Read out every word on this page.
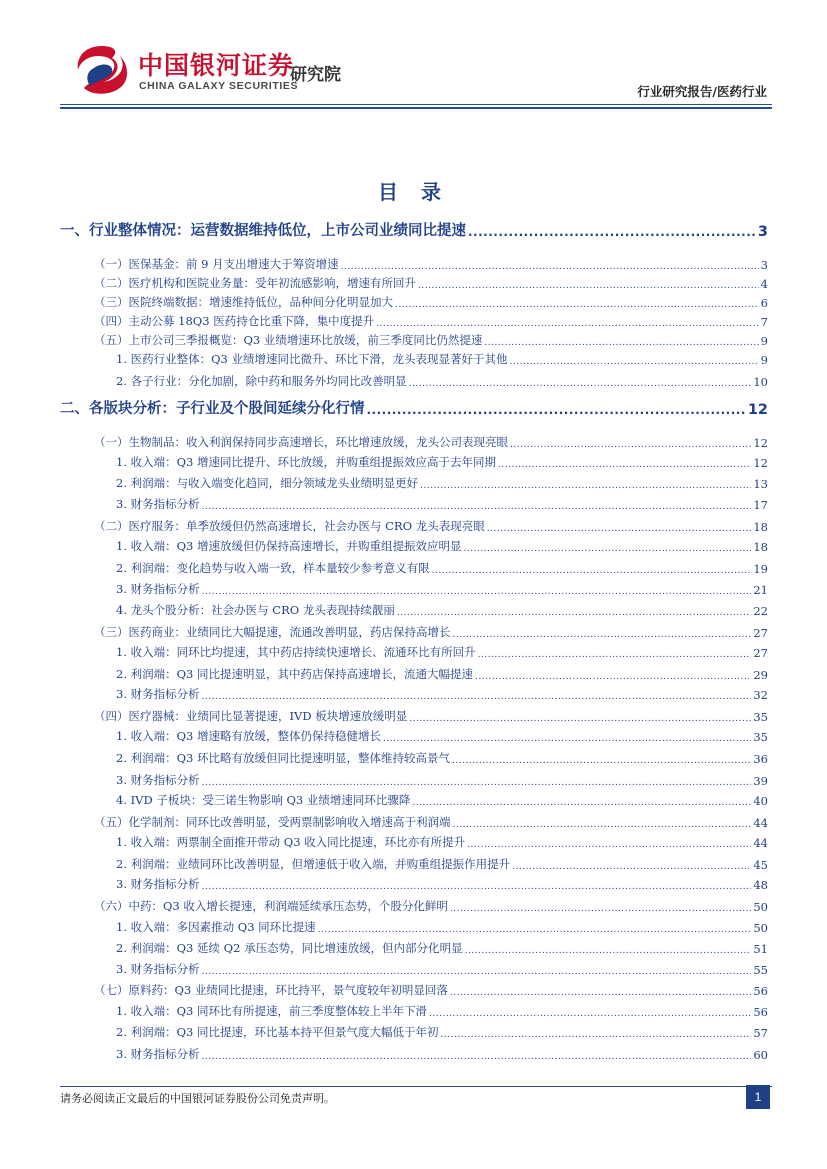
中国银河证券
CHINA GALAXY SECURITIES
研究院
行业研究报告/医药行业
目 录
一、行业整体情况：运营数据维持低位，上市公司业绩同比提速 .....	3
（一）医保基金：前 9 月支出增速大于筹资增速 .....	3
（二）医疗机构和医院业务量：受年初流感影响，增速有所回升 .....	4
（三）医院终端数据：增速维持低位，品种间分化明显加大 .....	6
（四）主动公募 18Q3 医药持仓比重下降，集中度提升 .....	7
（五）上市公司三季报概览：Q3 业绩增速环比放缓，前三季度同比仍然提速 .....	9
1. 医药行业整体：Q3 业绩增速同比微升、环比下滑，龙头表现显著好于其他 .....	9
2. 各子行业：分化加剧，除中药和服务外均同比改善明显 .....	10
二、各版块分析：子行业及个股间延续分化行情 .....	12
（一）生物制品：收入利润保持同步高速增长，环比增速放缓，龙头公司表现亮眼 .....	12
1. 收入端：Q3 增速同比提升、环比放缓，并购重组提振效应高于去年同期 .....	12
2. 利润端：与收入端变化趋同，细分领域龙头业绩明显更好 .....	13
3. 财务指标分析 .....	17
（二）医疗服务：单季放缓但仍然高速增长，社会办医与 CRO 龙头表现亮眼 .....	18
1. 收入端：Q3 增速放缓但仍保持高速增长，并购重组提振效应明显 .....	18
2. 利润端：变化趋势与收入端一致，样本量较少参考意义有限 .....	19
3. 财务指标分析 .....	21
4. 龙头个股分析：社会办医与 CRO 龙头表现持续靓丽 .....	22
（三）医药商业：业绩同比大幅提速，流通改善明显，药店保持高增长 .....	27
1. 收入端：同环比均提速，其中药店持续快速增长、流通环比有所回升 .....	27
2. 利润端：Q3 同比提速明显，其中药店保持高速增长，流通大幅提速 .....	29
3. 财务指标分析 .....	32
（四）医疗器械：业绩同比显著提速，IVD 板块增速放缓明显 .....	35
1. 收入端：Q3 增速略有放缓，整体仍保持稳健增长 .....	35
2. 利润端：Q3 环比略有放缓但同比提速明显，整体维持较高景气 .....	36
3. 财务指标分析 .....	39
4. IVD 子板块：受三诺生物影响 Q3 业绩增速同环比骤降 .....	40
（五）化学制剂：同环比改善明显，受两票制影响收入增速高于利润端 .....	44
1. 收入端：两票制全面推开带动 Q3 收入同比提速，环比亦有所提升 .....	44
2. 利润端：业绩同环比改善明显，但增速低于收入端，并购重组提振作用提升 .....	45
3. 财务指标分析 .....	48
（六）中药：Q3 收入增长提速，利润端延续承压态势，个股分化鲜明 .....	50
1. 收入端：多因素推动 Q3 同环比提速 .....	50
2. 利润端：Q3 延续 Q2 承压态势，同比增速放缓，但内部分化明显 .....	51
3. 财务指标分析 .....	55
（七）原料药：Q3 业绩同比提速，环比持平，景气度较年初明显回落 .....	56
1. 收入端：Q3 同环比有所提速，前三季度整体较上半年下滑 .....	56
2. 利润端：Q3 同比提速，环比基本持平但景气度大幅低于年初 .....	57
3. 财务指标分析 .....	60
请务必阅读正文最后的中国银河证券股份公司免责声明。	1
